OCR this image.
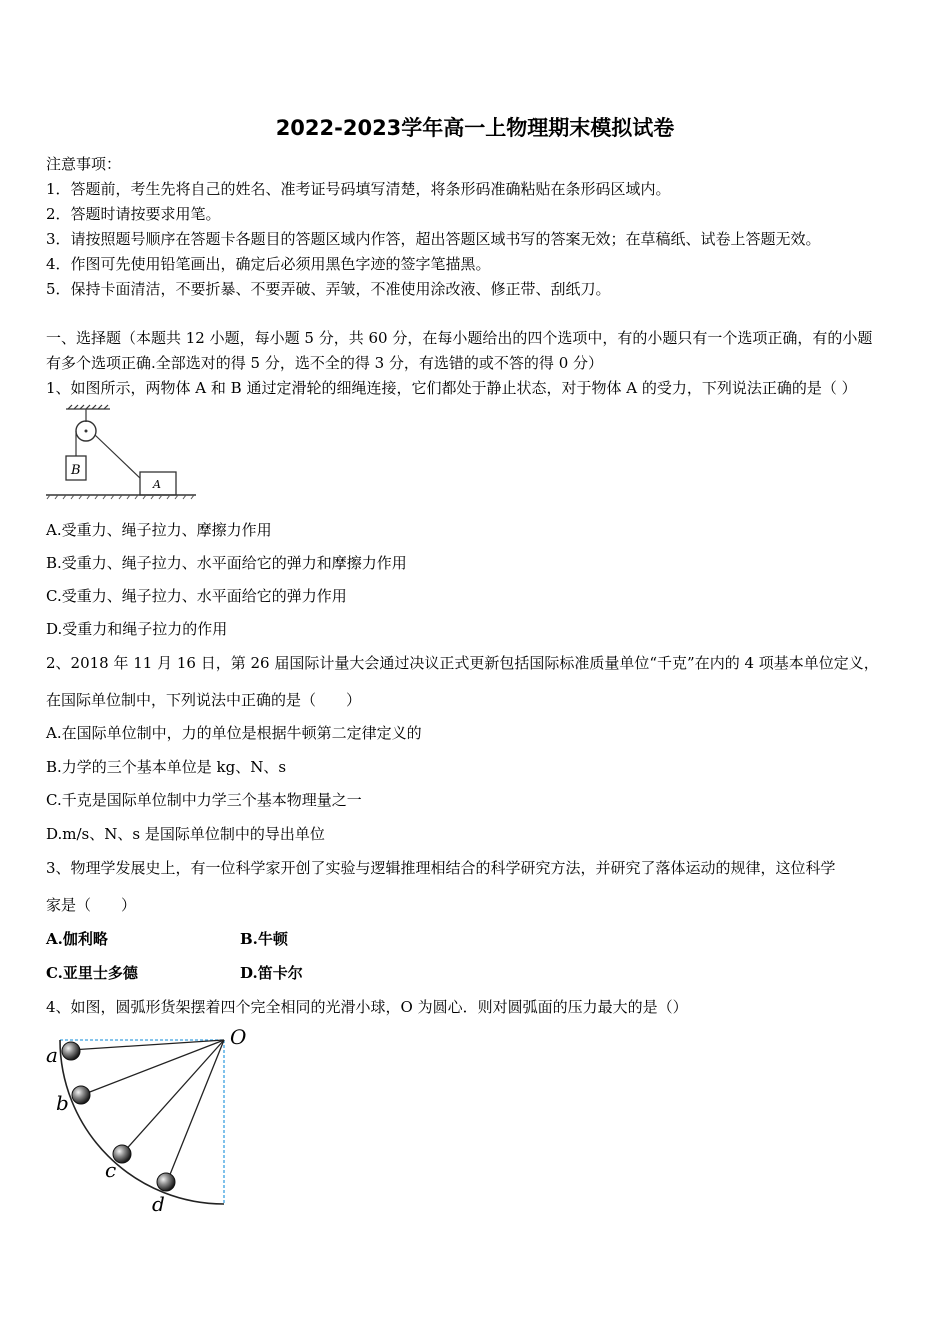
2022-2023学年高一上物理期末模拟试卷
注意事项：
1．答题前，考生先将自己的姓名、准考证号码填写清楚，将条形码准确粘贴在条形码区域内。
2．答题时请按要求用笔。
3．请按照题号顺序在答题卡各题目的答题区域内作答，超出答题区域书写的答案无效；在草稿纸、试卷上答题无效。
4．作图可先使用铅笔画出，确定后必须用黑色字迹的签字笔描黑。
5．保持卡面清洁，不要折暴、不要弄破、弄皱，不准使用涂改液、修正带、刮纸刀。
一、选择题（本题共 12 小题，每小题 5 分，共 60 分，在每小题给出的四个选项中，有的小题只有一个选项正确，有的小题
有多个选项正确.全部选对的得 5 分，选不全的得 3 分，有选错的或不答的得 0 分）
1、如图所示，两物体 A 和 B 通过定滑轮的细绳连接，它们都处于静止状态，对于物体 A 的受力，下列说法正确的是（ ）
B
A
A.受重力、绳子拉力、摩擦力作用
B.受重力、绳子拉力、水平面给它的弹力和摩擦力作用
C.受重力、绳子拉力、水平面给它的弹力作用
D.受重力和绳子拉力的作用
2、2018 年 11 月 16 日，第 26 届国际计量大会通过决议正式更新包括国际标准质量单位“千克”在内的 4 项基本单位定义，
在国际单位制中，下列说法中正确的是（　　）
A.在国际单位制中，力的单位是根据牛顿第二定律定义的
B.力学的三个基本单位是 kg、N、s
C.千克是国际单位制中力学三个基本物理量之一
D.m/s、N、s 是国际单位制中的导出单位
3、物理学发展史上，有一位科学家开创了实验与逻辑推理相结合的科学研究方法，并研究了落体运动的规律，这位科学
家是（　　）
A.伽利略	B.牛顿
C.亚里士多德	D.笛卡尔
4、如图，圆弧形货架摆着四个完全相同的光滑小球，O 为圆心．则对圆弧面的压力最大的是（）
O
a
b
c
d
